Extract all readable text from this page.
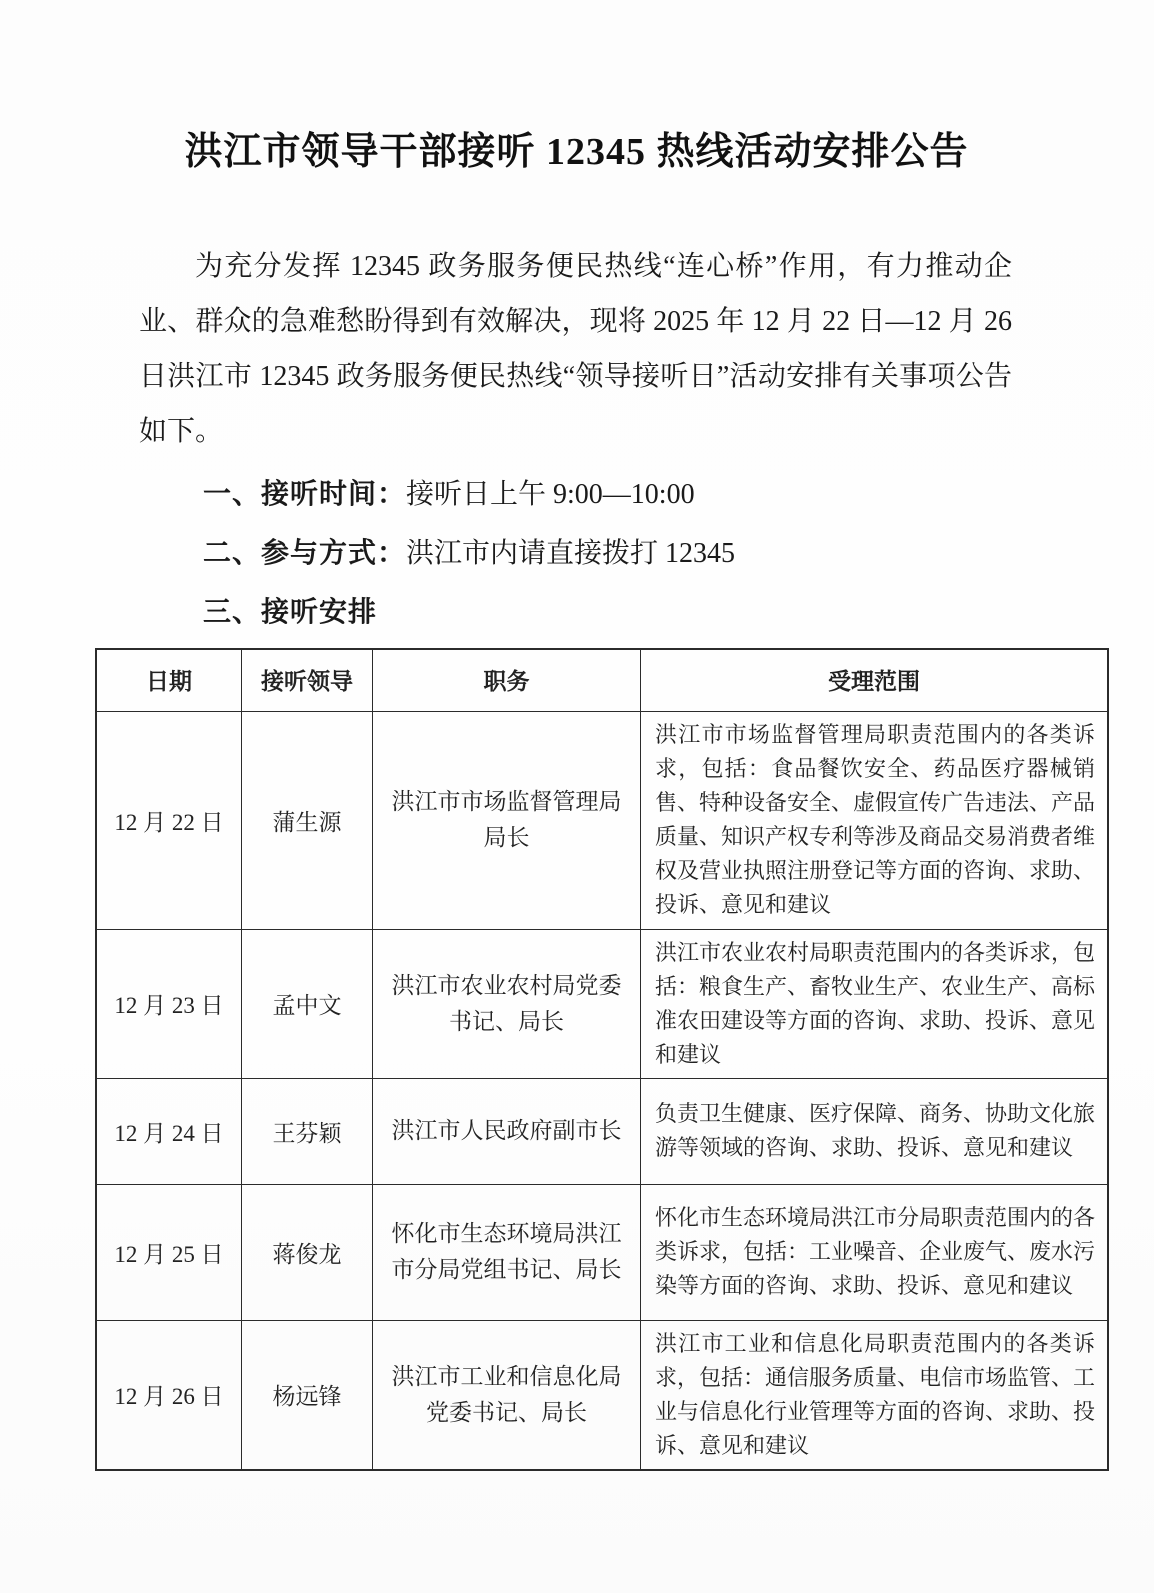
洪江市领导干部接听 12345 热线活动安排公告

为充分发挥 12345 政务服务便民热线“连心桥”作用，有力推动企业、群众的急难愁盼得到有效解决，现将 2025 年 12 月 22 日—12 月 26 日洪江市 12345 政务服务便民热线“领导接听日”活动安排有关事项公告如下。

一、接听时间：接听日上午 9:00—10:00
二、参与方式：洪江市内请直接拨打 12345
三、接听安排
日期	接听领导	职务	受理范围
12 月 22 日	蒲生源	洪江市市场监督管理局局长	洪江市市场监督管理局职责范围内的各类诉求，包括：食品餐饮安全、药品医疗器械销售、特种设备安全、虚假宣传广告违法、产品质量、知识产权专利等涉及商品交易消费者维权及营业执照注册登记等方面的咨询、求助、投诉、意见和建议
12 月 23 日	孟中文	洪江市农业农村局党委书记、局长	洪江市农业农村局职责范围内的各类诉求，包括：粮食生产、畜牧业生产、农业生产、高标准农田建设等方面的咨询、求助、投诉、意见和建议
12 月 24 日	王芬颖	洪江市人民政府副市长	负责卫生健康、医疗保障、商务、协助文化旅游等领域的咨询、求助、投诉、意见和建议
12 月 25 日	蒋俊龙	怀化市生态环境局洪江市分局党组书记、局长	怀化市生态环境局洪江市分局职责范围内的各类诉求，包括：工业噪音、企业废气、废水污染等方面的咨询、求助、投诉、意见和建议
12 月 26 日	杨远锋	洪江市工业和信息化局党委书记、局长	洪江市工业和信息化局职责范围内的各类诉求，包括：通信服务质量、电信市场监管、工业与信息化行业管理等方面的咨询、求助、投诉、意见和建议
